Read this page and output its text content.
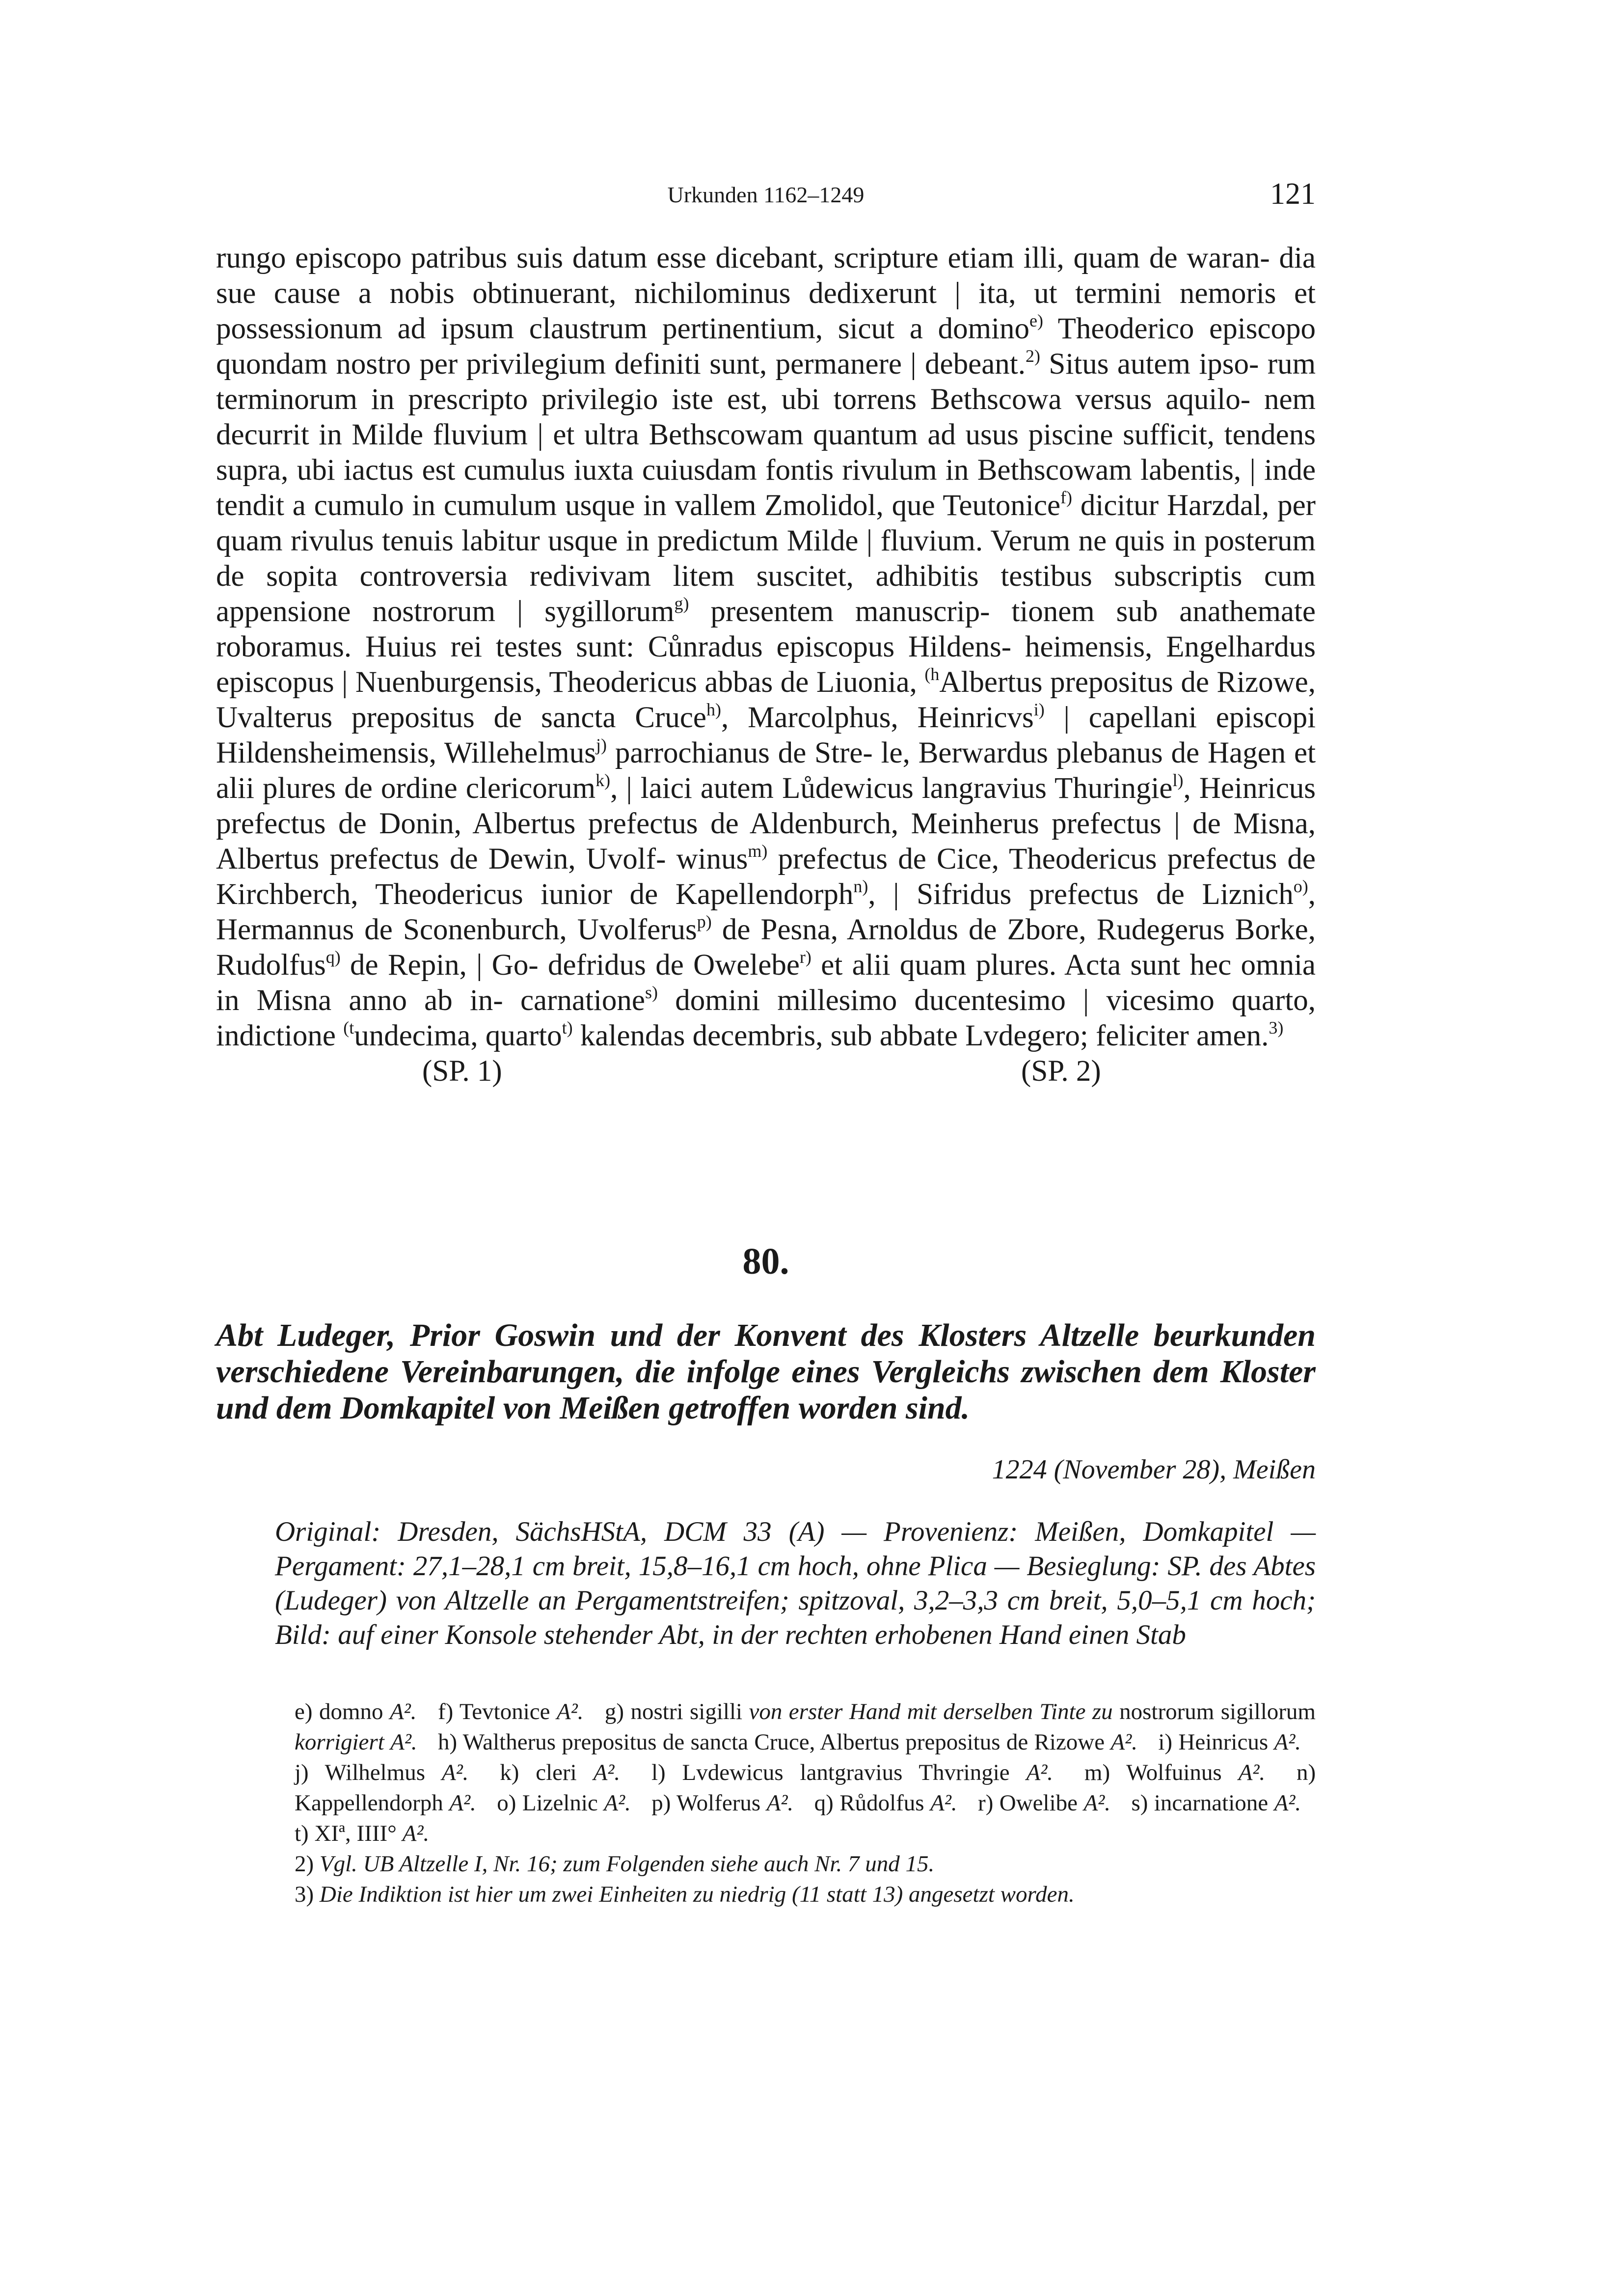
Urkunden 1162–1249	121

rungo episcopo patribus suis datum esse dicebant, scripture etiam illi, quam de waran- dia sue cause a nobis obtinuerant, nichilominus dedixerunt | ita, ut termini nemoris et possessionum ad ipsum claustrum pertinentium, sicut a domino$^{e)}$ Theoderico episcopo quondam nostro per privilegium definiti sunt, permanere | debeant.$^{2)}$ Situs autem ipso- rum terminorum in prescripto privilegio iste est, ubi torrens Bethscowa versus aquilo- nem decurrit in Milde fluvium | et ultra Bethscowam quantum ad usus piscine sufficit, tendens supra, ubi iactus est cumulus iuxta cuiusdam fontis rivulum in Bethscowam labentis, | inde tendit a cumulo in cumulum usque in vallem Zmolidol, que Teutonice$^{f)}$ dicitur Harzdal, per quam rivulus tenuis labitur usque in predictum Milde | fluvium. Verum ne quis in posterum de sopita controversia redivivam litem suscitet, adhibitis testibus subscriptis cum appensione nostrorum | sygillorum$^{g)}$ presentem manuscrip- tionem sub anathemate roboramus. Huius rei testes sunt: Cůnradus episcopus Hildens- heimensis, Engelhardus episcopus | Nuenburgensis, Theodericus abbas de Liuonia, $^{(h}$Albertus prepositus de Rizowe, Uvalterus prepositus de sancta Cruce$^{h)}$, Marcolphus, Heinricvs$^{i)}$ | capellani episcopi Hildensheimensis, Willehelmus$^{j)}$ parrochianus de Stre- le, Berwardus plebanus de Hagen et alii plures de ordine clericorum$^{k)}$, | laici autem Lůdewicus langravius Thuringie$^{l)}$, Heinricus prefectus de Donin, Albertus prefectus de Aldenburch, Meinherus prefectus | de Misna, Albertus prefectus de Dewin, Uvolf- winus$^{m)}$ prefectus de Cice, Theodericus prefectus de Kirchberch, Theodericus iunior de Kapellendorph$^{n)}$, | Sifridus prefectus de Liznich$^{o)}$, Hermannus de Sconenburch, Uvolferus$^{p)}$ de Pesna, Arnoldus de Zbore, Rudegerus Borke, Rudolfus$^{q)}$ de Repin, | Go- defridus de Owelebe$^{r)}$ et alii quam plures. Acta sunt hec omnia in Misna anno ab in- carnatione$^{s)}$ domini millesimo ducentesimo | vicesimo quarto, indictione $^{(t}$undecima, quarto$^{t)}$ kalendas decembris, sub abbate Lvdegero; feliciter amen.$^{3)}$

(SP. 1)	(SP. 2)
80.
Abt Ludeger, Prior Goswin und der Konvent des Klosters Altzelle beurkunden verschiedene Vereinbarungen, die infolge eines Vergleichs zwischen dem Kloster und dem Domkapitel von Meißen getroffen worden sind.
1224 (November 28), Meißen
Original: Dresden, SächsHStA, DCM 33 (A) — Provenienz: Meißen, Domkapitel — Pergament: 27,1–28,1 cm breit, 15,8–16,1 cm hoch, ohne Plica — Besieglung: SP. des Abtes (Ludeger) von Altzelle an Pergamentstreifen; spitzoval, 3,2–3,3 cm breit, 5,0–5,1 cm hoch; Bild: auf einer Konsole stehender Abt, in der rechten erhobenen Hand einen Stab

e) domno A². f) Tevtonice A². g) nostri sigilli von erster Hand mit derselben Tinte zu nostrorum sigillorum korrigiert A². h) Waltherus prepositus de sancta Cruce, Albertus prepositus de Rizowe A². i) Heinricus A². j) Wilhelmus A². k) cleri A². l) Lvdewicus lantgravius Thvringie A². m) Wolfuinus A². n) Kappellendorph A². o) Lizelnic A². p) Wolferus A². q) Růdolfus A². r) Owelibe A². s) incarnatione A². t) XIª, IIII° A².

2) Vgl. UB Altzelle I, Nr. 16; zum Folgenden siehe auch Nr. 7 und 15.

3) Die Indiktion ist hier um zwei Einheiten zu niedrig (11 statt 13) angesetzt worden.
